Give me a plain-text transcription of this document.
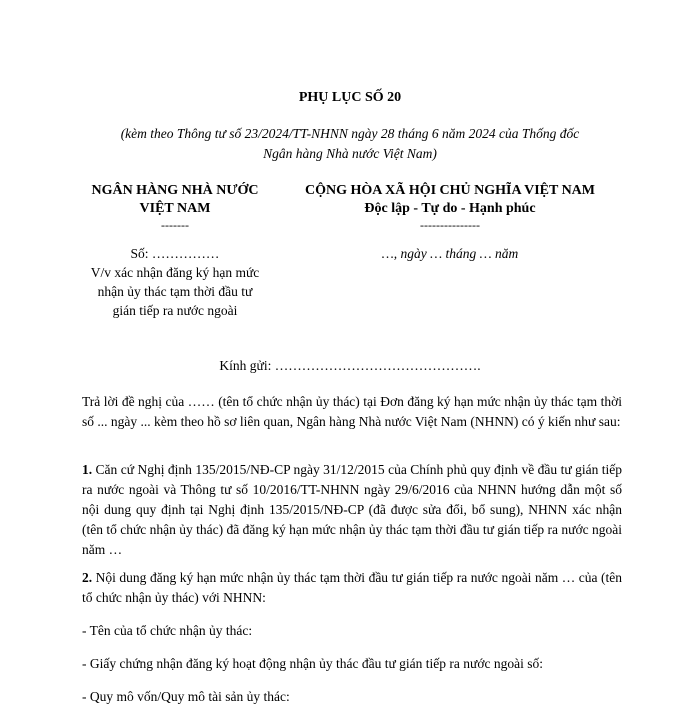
PHỤ LỤC SỐ 20
(kèm theo Thông tư số 23/2024/TT-NHNN ngày 28 tháng 6 năm 2024 của Thống đốc
Ngân hàng Nhà nước Việt Nam)
NGÂN HÀNG NHÀ NƯỚC
VIỆT NAM
-------
CỘNG HÒA XÃ HỘI CHỦ NGHĨA VIỆT NAM
Độc lập - Tự do - Hạnh phúc
---------------
Số: ……………
V/v xác nhận đăng ký hạn mức
nhận ủy thác tạm thời đầu tư
gián tiếp ra nước ngoài
…, ngày … tháng … năm
Kính gửi: ……………………………………….
Trả lời đề nghị của …… (tên tổ chức nhận ủy thác) tại Đơn đăng ký hạn mức nhận ủy thác tạm thời số ... ngày ... kèm theo hồ sơ liên quan, Ngân hàng Nhà nước Việt Nam (NHNN) có ý kiến như sau:
1. Căn cứ Nghị định 135/2015/NĐ-CP ngày 31/12/2015 của Chính phủ quy định về đầu tư gián tiếp ra nước ngoài và Thông tư số 10/2016/TT-NHNN ngày 29/6/2016 của NHNN hướng dẫn một số nội dung quy định tại Nghị định 135/2015/NĐ-CP (đã được sửa đổi, bổ sung), NHNN xác nhận (tên tổ chức nhận ủy thác) đã đăng ký hạn mức nhận ủy thác tạm thời đầu tư gián tiếp ra nước ngoài năm …
2. Nội dung đăng ký hạn mức nhận ủy thác tạm thời đầu tư gián tiếp ra nước ngoài năm … của (tên tổ chức nhận ủy thác) với NHNN:
- Tên của tổ chức nhận ủy thác:
- Giấy chứng nhận đăng ký hoạt động nhận ủy thác đầu tư gián tiếp ra nước ngoài số:
- Quy mô vốn/Quy mô tài sản ủy thác:
